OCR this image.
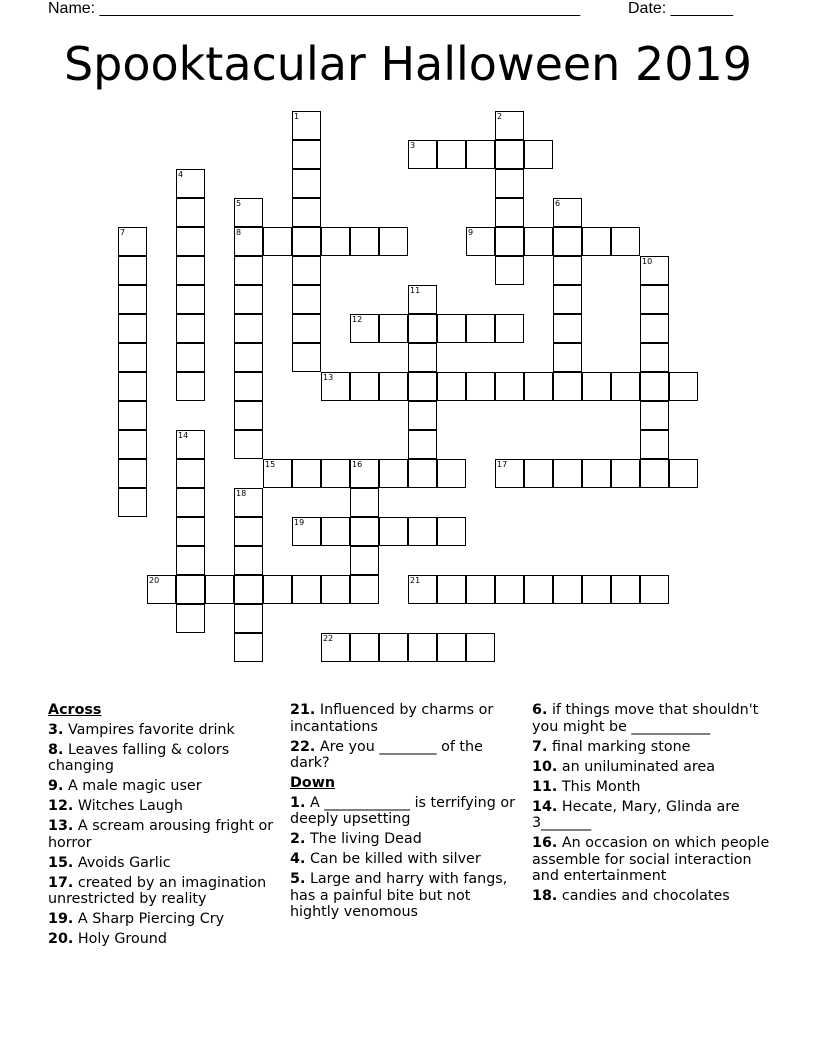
Name: ______________________________________________________	Date: _______
Spooktacular Halloween 2019
1	2
3
4
5
8
6
7	9
10
11
12
13
14
15	16	17
18
19
20	21
22
Across
3. Vampires favorite drink
8. Leaves falling & colors changing
9. A male magic user
12. Witches Laugh
13. A scream arousing fright or horror
15. Avoids Garlic
17. created by an imagination unrestricted by reality
19. A Sharp Piercing Cry
20. Holy Ground
21. Influenced by charms or incantations
22. Are you ________ of the dark?
Down
1. A ____________ is terrifying or deeply upsetting
2. The living Dead
4. Can be killed with silver
5. Large and harry with fangs, has a painful bite but not hightly venomous
6. if things move that shouldn't you might be ___________
7. final marking stone
10. an uniluminated area
11. This Month
14. Hecate, Mary, Glinda are 3_______
16. An occasion on which people assemble for social interaction and entertainment
18. candies and chocolates
